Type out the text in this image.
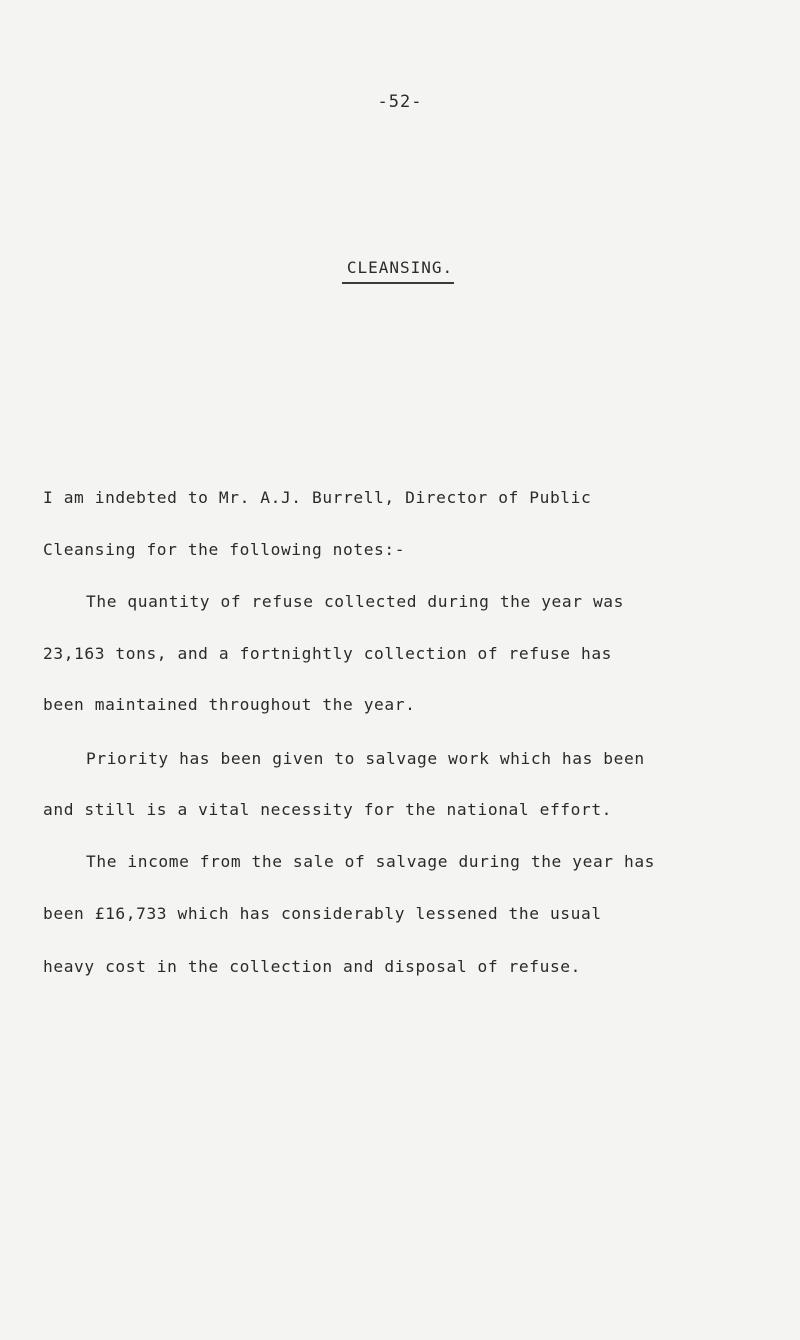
-52-
CLEANSING.
I am indebted to Mr. A.J. Burrell, Director of Public
Cleansing for the following notes:-
The quantity of refuse collected during the year was
23,163 tons, and a fortnightly collection of refuse has
been maintained throughout the year.
Priority has been given to salvage work which has been
and still is a vital necessity for the national effort.
The income from the sale of salvage during the year has
been £16,733 which has considerably lessened the usual
heavy cost in the collection and disposal of refuse.
